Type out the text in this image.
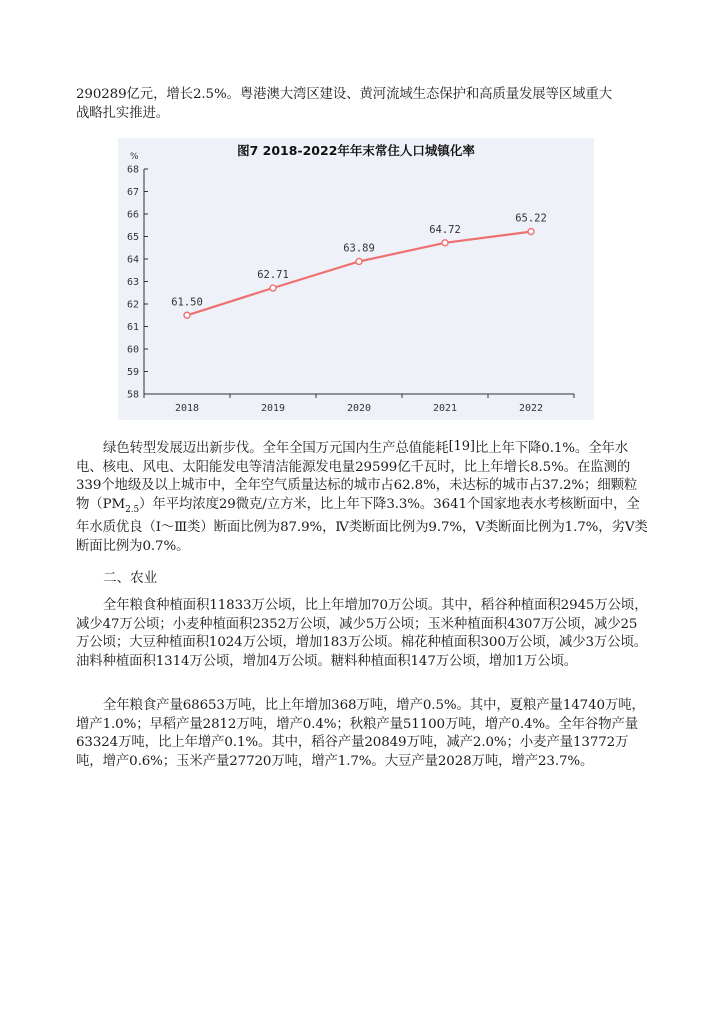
290289亿元，增长2.5%。粤港澳大湾区建设、黄河流域生态保护和高质量发展等区域重大
战略扎实推进。

图7 2018-2022年年末常住人口城镇化率
%
58
59
60
61
62
63
64
65
66
67
68
2018	2019	2020	2021	2022
61.50
62.71
63.89
64.72
65.22

绿色转型发展迈出新步伐。全年全国万元国内生产总值能耗[19]比上年下降0.1%。全年水电、核电、风电、太阳能发电等清洁能源发电量29599亿千瓦时，比上年增长8.5%。在监测的339个地级及以上城市中，全年空气质量达标的城市占62.8%，未达标的城市占37.2%；细颗粒物$(PM_{2.5})$年平均浓度29微克/立方米，比上年下降3.3%。3641个国家地表水考核断面中，全年水质优良（Ⅰ～Ⅲ类）断面比例为87.9%，Ⅳ类断面比例为9.7%，Ⅴ类断面比例为1.7%，劣Ⅴ类断面比例为0.7%。

二、农业

全年粮食种植面积11833万公顷，比上年增加70万公顷。其中，稻谷种植面积2945万公顷，减少47万公顷；小麦种植面积2352万公顷，减少5万公顷；玉米种植面积4307万公顷，减少25万公顷；大豆种植面积1024万公顷，增加183万公顷。棉花种植面积300万公顷，减少3万公顷。油料种植面积1314万公顷，增加4万公顷。糖料种植面积147万公顷，增加1万公顷。

全年粮食产量68653万吨，比上年增加368万吨，增产0.5%。其中，夏粮产量14740万吨，增产1.0%；早稻产量2812万吨，增产0.4%；秋粮产量51100万吨，增产0.4%。全年谷物产量63324万吨，比上年增产0.1%。其中，稻谷产量20849万吨，减产2.0%；小麦产量13772万吨，增产0.6%；玉米产量27720万吨，增产1.7%。大豆产量2028万吨，增产23.7%。
